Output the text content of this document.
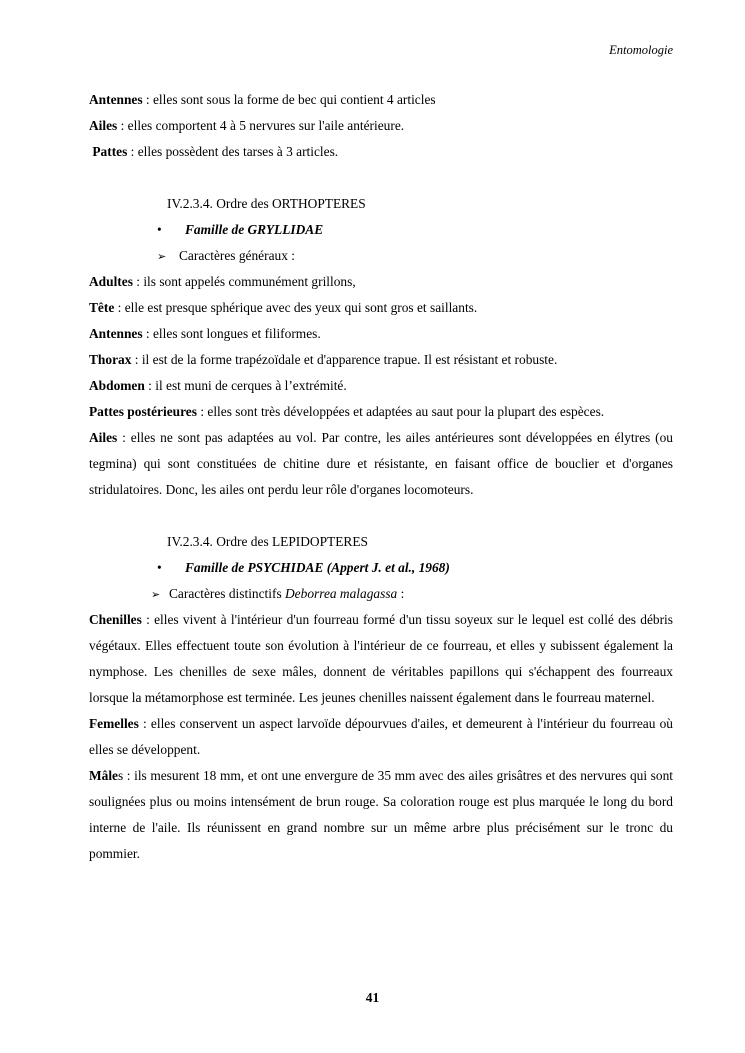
Entomologie
Antennes : elles sont sous la forme de bec qui contient 4 articles
Ailes : elles comportent 4 à 5 nervures sur l'aile antérieure.
Pattes : elles possèdent des tarses à 3 articles.
IV.2.3.4. Ordre des ORTHOPTERES
• Famille de GRYLLIDAE
➢ Caractères généraux :
Adultes : ils sont appelés communément grillons,
Tête : elle est presque sphérique avec des yeux qui sont gros et saillants.
Antennes : elles sont longues et filiformes.
Thorax : il est de la forme trapézoïdale et d'apparence trapue. Il est résistant et robuste.
Abdomen : il est muni de cerques à l’extrémité.
Pattes postérieures : elles sont très développées et adaptées au saut pour la plupart des espèces.
Ailes : elles ne sont pas adaptées au vol. Par contre, les ailes antérieures sont développées en élytres (ou tegmina) qui sont constituées de chitine dure et résistante, en faisant office de bouclier et d'organes stridulatoires. Donc, les ailes ont perdu leur rôle d'organes locomoteurs.
IV.2.3.4. Ordre des LEPIDOPTERES
• Famille de PSYCHIDAE (Appert J. et al., 1968)
➢ Caractères distinctifs Deborrea malagassa :
Chenilles : elles vivent à l'intérieur d'un fourreau formé d'un tissu soyeux sur le lequel est collé des débris végétaux. Elles effectuent toute son évolution à l'intérieur de ce fourreau, et elles y subissent également la nymphose. Les chenilles de sexe mâles, donnent de véritables papillons qui s'échappent des fourreaux lorsque la métamorphose est terminée. Les jeunes chenilles naissent également dans le fourreau maternel.
Femelles : elles conservent un aspect larvoïde dépourvues d'ailes, et demeurent à l'intérieur du fourreau où elles se développent.
Mâles : ils mesurent 18 mm, et ont une envergure de 35 mm avec des ailes grisâtres et des nervures qui sont soulignées plus ou moins intensément de brun rouge. Sa coloration rouge est plus marquée le long du bord interne de l'aile. Ils réunissent en grand nombre sur un même arbre plus précisément sur le tronc du pommier.
41
